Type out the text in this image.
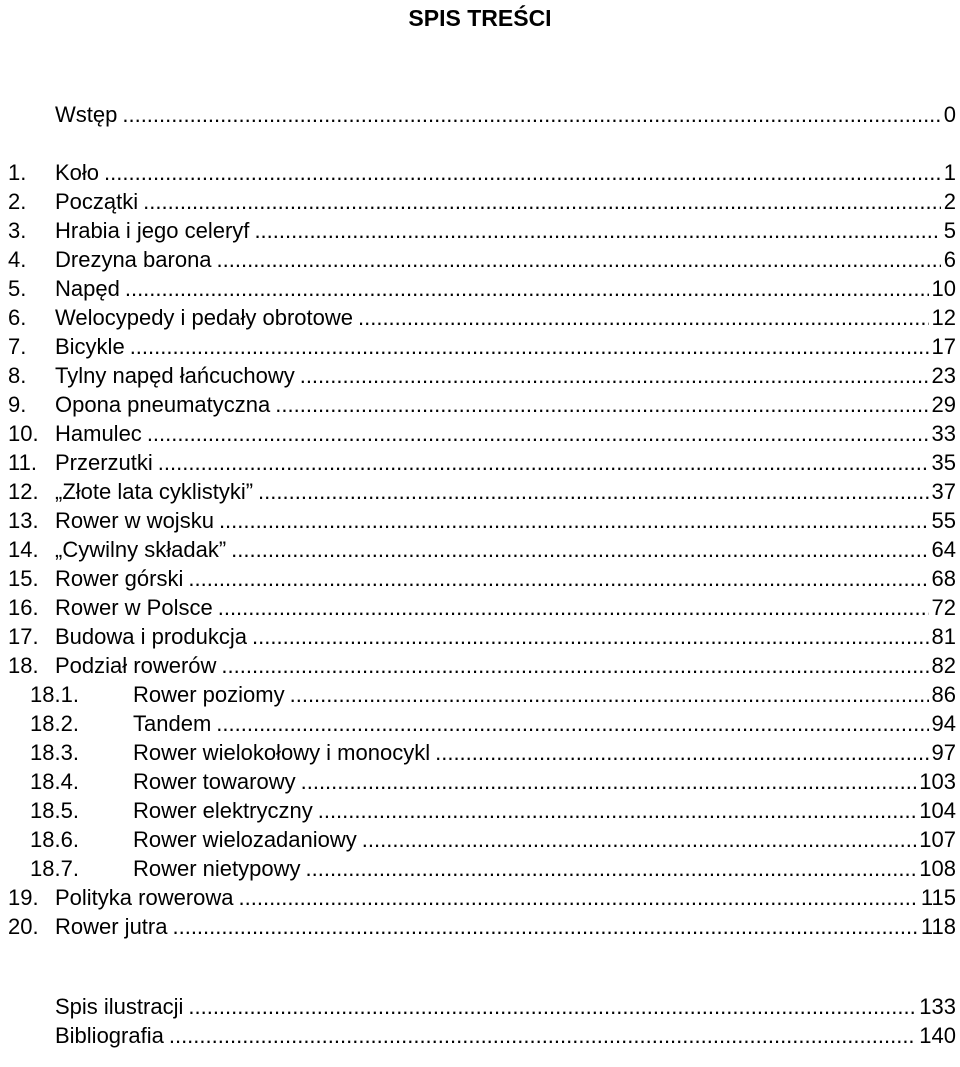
SPIS TREŚCI
Wstęp .....	0
1. Koło .....	1
2. Początki .....	2
3. Hrabia i jego celeryf .....	5
4. Drezyna barona .....	6
5. Napęd .....	10
6. Welocypedy i pedały obrotowe .....	12
7. Bicykle .....	17
8. Tylny napęd łańcuchowy .....	23
9. Opona pneumatyczna .....	29
10. Hamulec .....	33
11. Przerzutki .....	35
12. „Złote lata cyklistyki” .....	37
13. Rower w wojsku .....	55
14. „Cywilny składak” .....	64
15. Rower górski .....	68
16. Rower w Polsce .....	72
17. Budowa i produkcja .....	81
18. Podział rowerów .....	82
18.1. Rower poziomy .....	86
18.2. Tandem .....	94
18.3. Rower wielokołowy i monocykl .....	97
18.4. Rower towarowy .....	103
18.5. Rower elektryczny .....	104
18.6. Rower wielozadaniowy .....	107
18.7. Rower nietypowy .....	108
19. Polityka rowerowa .....	115
20. Rower jutra .....	118
Spis ilustracji .....	133
Bibliografia .....	140
